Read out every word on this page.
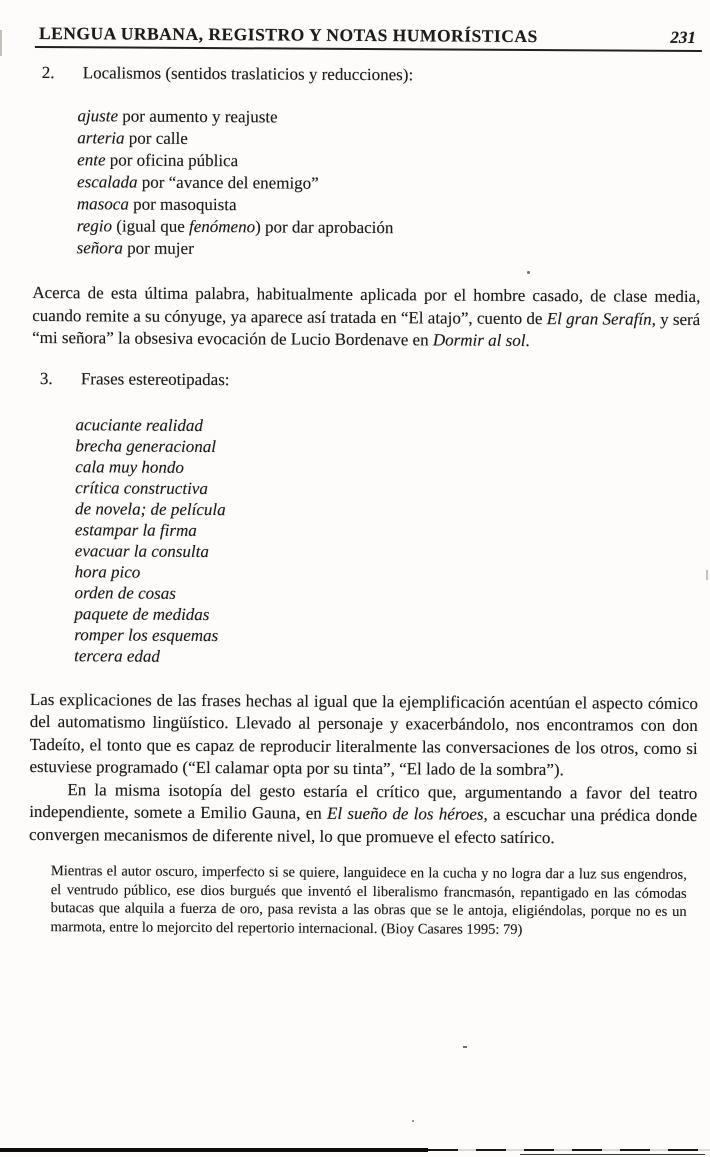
LENGUA URBANA, REGISTRO Y NOTAS HUMORÍSTICAS	231
2. Localismos (sentidos traslaticios y reducciones):
ajuste por aumento y reajuste
arteria por calle
ente por oficina pública
escalada por “avance del enemigo”
masoca por masoquista
regio (igual que fenómeno) por dar aprobación
señora por mujer

Acerca de esta última palabra, habitualmente aplicada por el hombre casado, de clase media, cuando remite a su cónyuge, ya aparece así tratada en “El atajo”, cuento de El gran Serafín, y será “mi señora” la obsesiva evocación de Lucio Bordenave en Dormir al sol.

3. Frases estereotipadas:
acuciante realidad
brecha generacional
cala muy hondo
crítica constructiva
de novela; de película
estampar la firma
evacuar la consulta
hora pico
orden de cosas
paquete de medidas
romper los esquemas
tercera edad

Las explicaciones de las frases hechas al igual que la ejemplificación acentúan el aspecto cómico del automatismo lingüístico. Llevado al personaje y exacerbándolo, nos encontramos con don Tadeíto, el tonto que es capaz de reproducir literalmente las conversaciones de los otros, como si estuviese programado (“El calamar opta por su tinta”, “El lado de la sombra”).

En la misma isotopía del gesto estaría el crítico que, argumentando a favor del teatro independiente, somete a Emilio Gauna, en El sueño de los héroes, a escuchar una prédica donde convergen mecanismos de diferente nivel, lo que promueve el efecto satírico.

Mientras el autor oscuro, imperfecto si se quiere, languidece en la cucha y no logra dar a luz sus engendros, el ventrudo público, ese dios burgués que inventó el liberalismo francmasón, repantigado en las cómodas butacas que alquila a fuerza de oro, pasa revista a las obras que se le antoja, eligiéndolas, porque no es un marmota, entre lo mejorcito del repertorio internacional. (Bioy Casares 1995: 79)
